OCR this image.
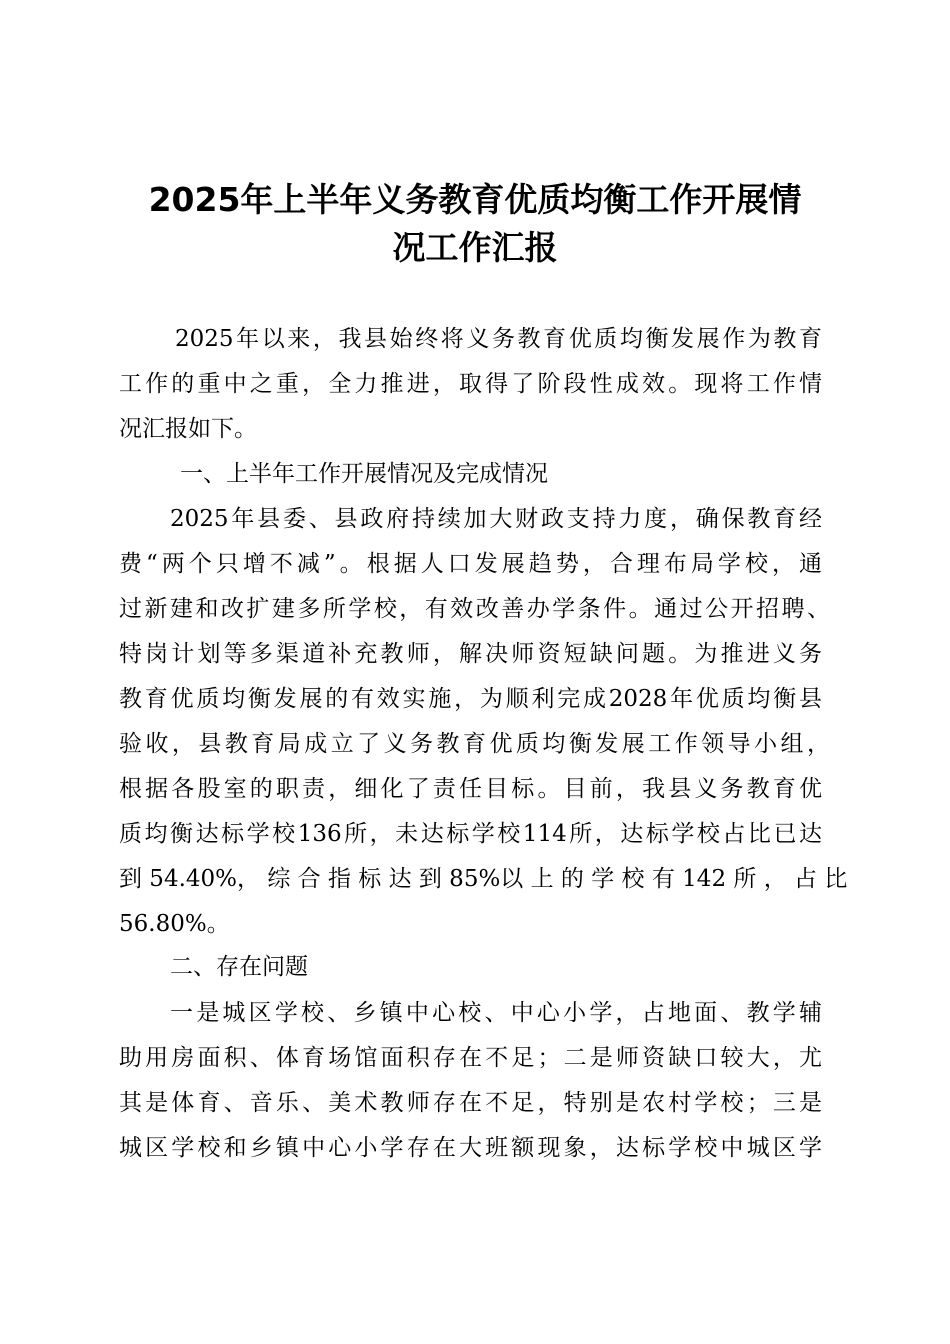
2025年上半年义务教育优质均衡工作开展情
况工作汇报
2025年以来，我县始终将义务教育优质均衡发展作为教育
工作的重中之重，全力推进，取得了阶段性成效。现将工作情
况汇报如下。
一、上半年工作开展情况及完成情况
2025年县委、县政府持续加大财政支持力度，确保教育经
费“两个只增不减”。根据人口发展趋势，合理布局学校，通
过新建和改扩建多所学校，有效改善办学条件。通过公开招聘、
特岗计划等多渠道补充教师，解决师资短缺问题。为推进义务
教育优质均衡发展的有效实施，为顺利完成2028年优质均衡县
验收，县教育局成立了义务教育优质均衡发展工作领导小组，
根据各股室的职责，细化了责任目标。目前，我县义务教育优
质均衡达标学校136所，未达标学校114所，达标学校占比已达
到 54.40%， 综 合 指 标 达 到 85%以 上 的 学 校 有 142 所 ， 占 比
56.80%。
二、存在问题
一是城区学校、乡镇中心校、中心小学，占地面、教学辅
助用房面积、体育场馆面积存在不足；二是师资缺口较大，尤
其是体育、音乐、美术教师存在不足，特别是农村学校；三是
城区学校和乡镇中心小学存在大班额现象，达标学校中城区学
